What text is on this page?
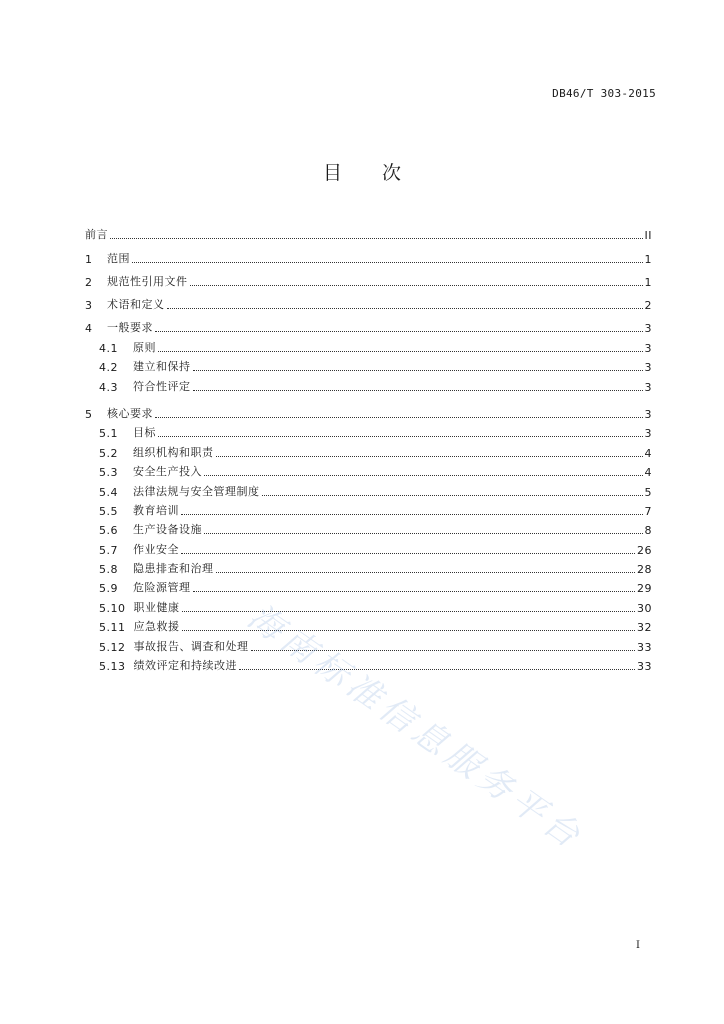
DB46/T 303-2015
目 次
前言	II
1	范围	1
2	规范性引用文件	1
3	术语和定义	2
4	一般要求	3
4.1	原则	3
4.2	建立和保持	3
4.3	符合性评定	3
5	核心要求	3
5.1	目标	3
5.2	组织机构和职责	4
5.3	安全生产投入	4
5.4	法律法规与安全管理制度	5
5.5	教育培训	7
5.6	生产设备设施	8
5.7	作业安全	26
5.8	隐患排查和治理	28
5.9	危险源管理	29
5.10 职业健康	30
5.11 应急救援	32
5.12 事故报告、调查和处理	33
5.13 绩效评定和持续改进	33
I
海南标准信息服务平台
